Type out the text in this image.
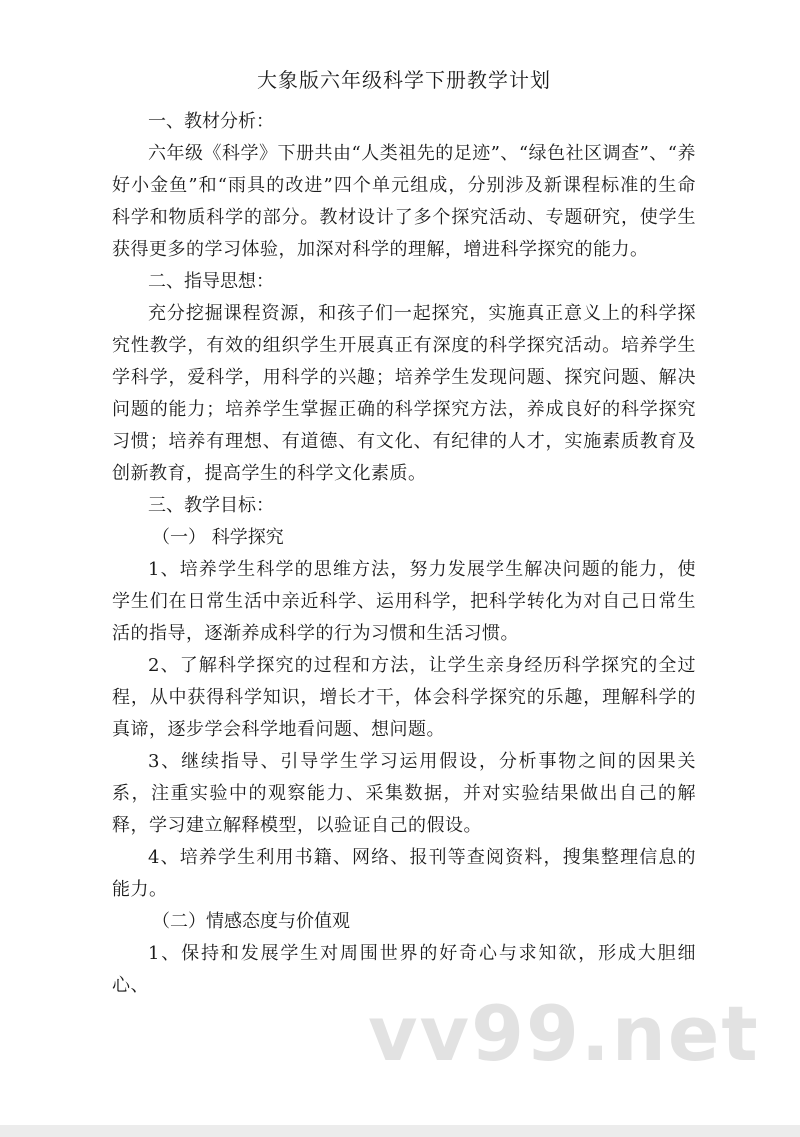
大象版六年级科学下册教学计划

一、教材分析：

六年级《科学》下册共由“人类祖先的足迹”、“绿色社区调查”、“养好小金鱼”和“雨具的改进”四个单元组成，分别涉及新课程标准的生命科学和物质科学的部分。教材设计了多个探究活动、专题研究，使学生获得更多的学习体验，加深对科学的理解，增进科学探究的能力。

二、指导思想：

充分挖掘课程资源，和孩子们一起探究，实施真正意义上的科学探究性教学，有效的组织学生开展真正有深度的科学探究活动。培养学生学科学，爱科学，用科学的兴趣；培养学生发现问题、探究问题、解决问题的能力；培养学生掌握正确的科学探究方法，养成良好的科学探究习惯；培养有理想、有道德、有文化、有纪律的人才，实施素质教育及创新教育，提高学生的科学文化素质。

三、教学目标：

（一） 科学探究

1、培养学生科学的思维方法，努力发展学生解决问题的能力，使学生们在日常生活中亲近科学、运用科学，把科学转化为对自己日常生活的指导，逐渐养成科学的行为习惯和生活习惯。

2、了解科学探究的过程和方法，让学生亲身经历科学探究的全过程，从中获得科学知识，增长才干，体会科学探究的乐趣，理解科学的真谛，逐步学会科学地看问题、想问题。

3、继续指导、引导学生学习运用假设，分析事物之间的因果关系，注重实验中的观察能力、采集数据，并对实验结果做出自己的解释，学习建立解释模型，以验证自己的假设。

4、培养学生利用书籍、网络、报刊等查阅资料，搜集整理信息的能力。

（二）情感态度与价值观

1、保持和发展学生对周围世界的好奇心与求知欲，形成大胆细心、

vv99.net
